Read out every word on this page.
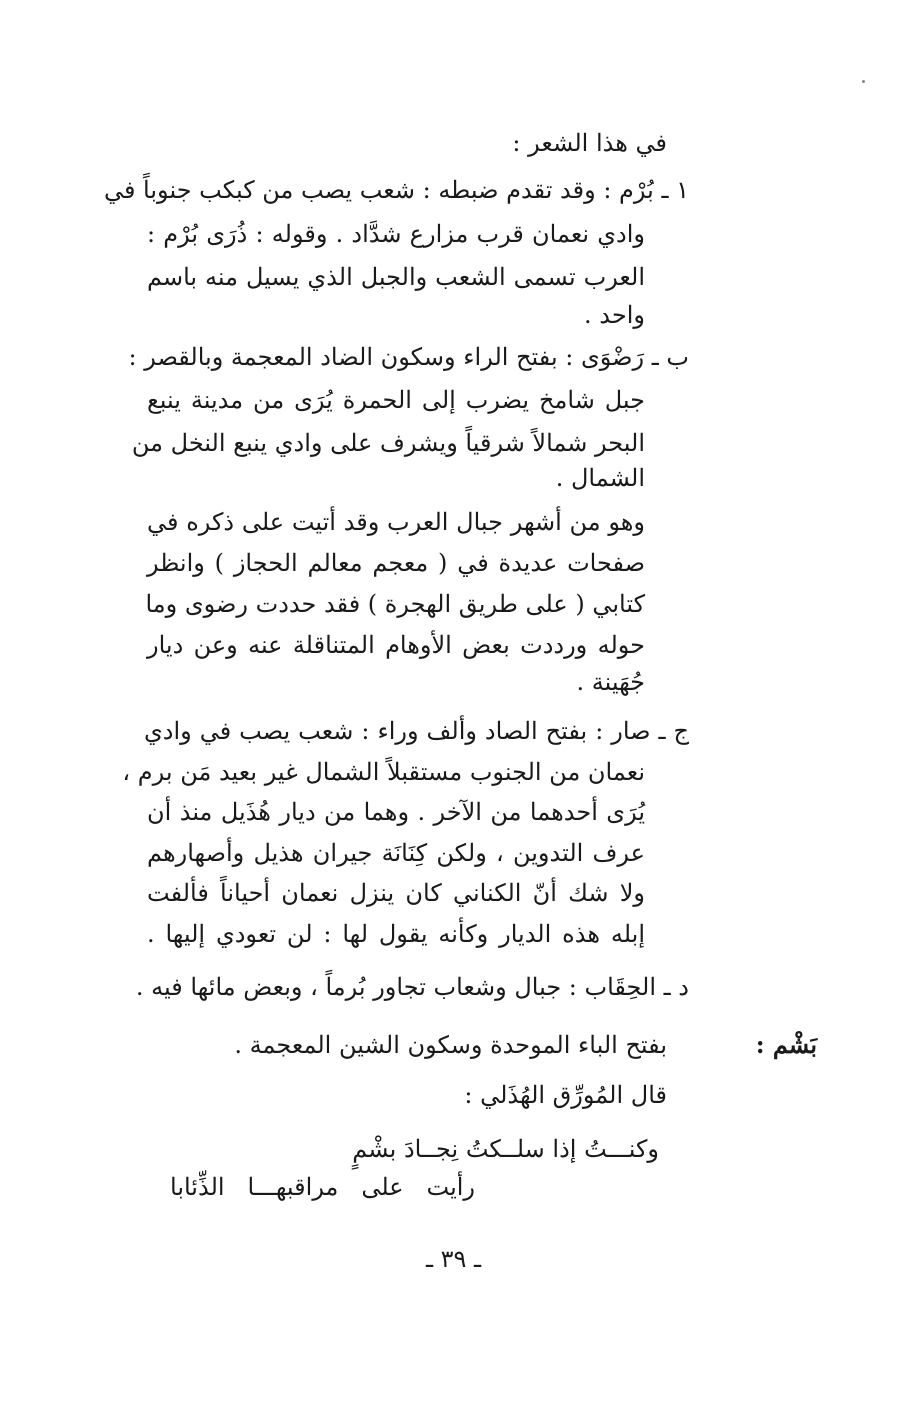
في هذا الشعر :
١ ـ بُرْم : وقد تقدم ضبطه : شعب يصب من كبكب جنوباً في
وادي نعمان قرب مزارع شدَّاد . وقوله : ذُرَى بُرْم :
العرب تسمى الشعب والجبل الذي يسيل منه باسم
واحد .
ب ـ رَضْوَى : بفتح الراء وسكون الضاد المعجمة وبالقصر :
جبل شامخ يضرب إلى الحمرة يُرَى من مدينة ينبع
البحر شمالاً شرقياً ويشرف على وادي ينبع النخل من
الشمال .
وهو من أشهر جبال العرب وقد أتيت على ذكره في
صفحات عديدة في ( معجم معالم الحجاز ) وانظر
كتابي ( على طريق الهجرة ) فقد حددت رضوى وما
حوله ورددت بعض الأوهام المتناقلة عنه وعن ديار
جُهَينة .
ج ـ صار : بفتح الصاد وألف وراء : شعب يصب في وادي
نعمان من الجنوب مستقبلاً الشمال غير بعيد مَن برم ،
يُرَى أحدهما من الآخر . وهما من ديار هُذَيل منذ أن
عرف التدوين ، ولكن كِنَانَة جيران هذيل وأصهارهم
ولا شك أنّ الكناني كان ينزل نعمان أحياناً فألفت
إبله هذه الديار وكأنه يقول لها : لن تعودي إليها .
د ـ الحِقَاب : جبال وشعاب تجاور بُرماً ، وبعض مائها فيه .
بَشْم :
بفتح الباء الموحدة وسكون الشين المعجمة .
قال المُورِّق الهُذَلي :
وكنـــتُ إذا سلــكتُ نِجــادَ بشْمٍ
رأيت على مراقبهـــا الذِّئابا
ـ ٣٩ ـ
